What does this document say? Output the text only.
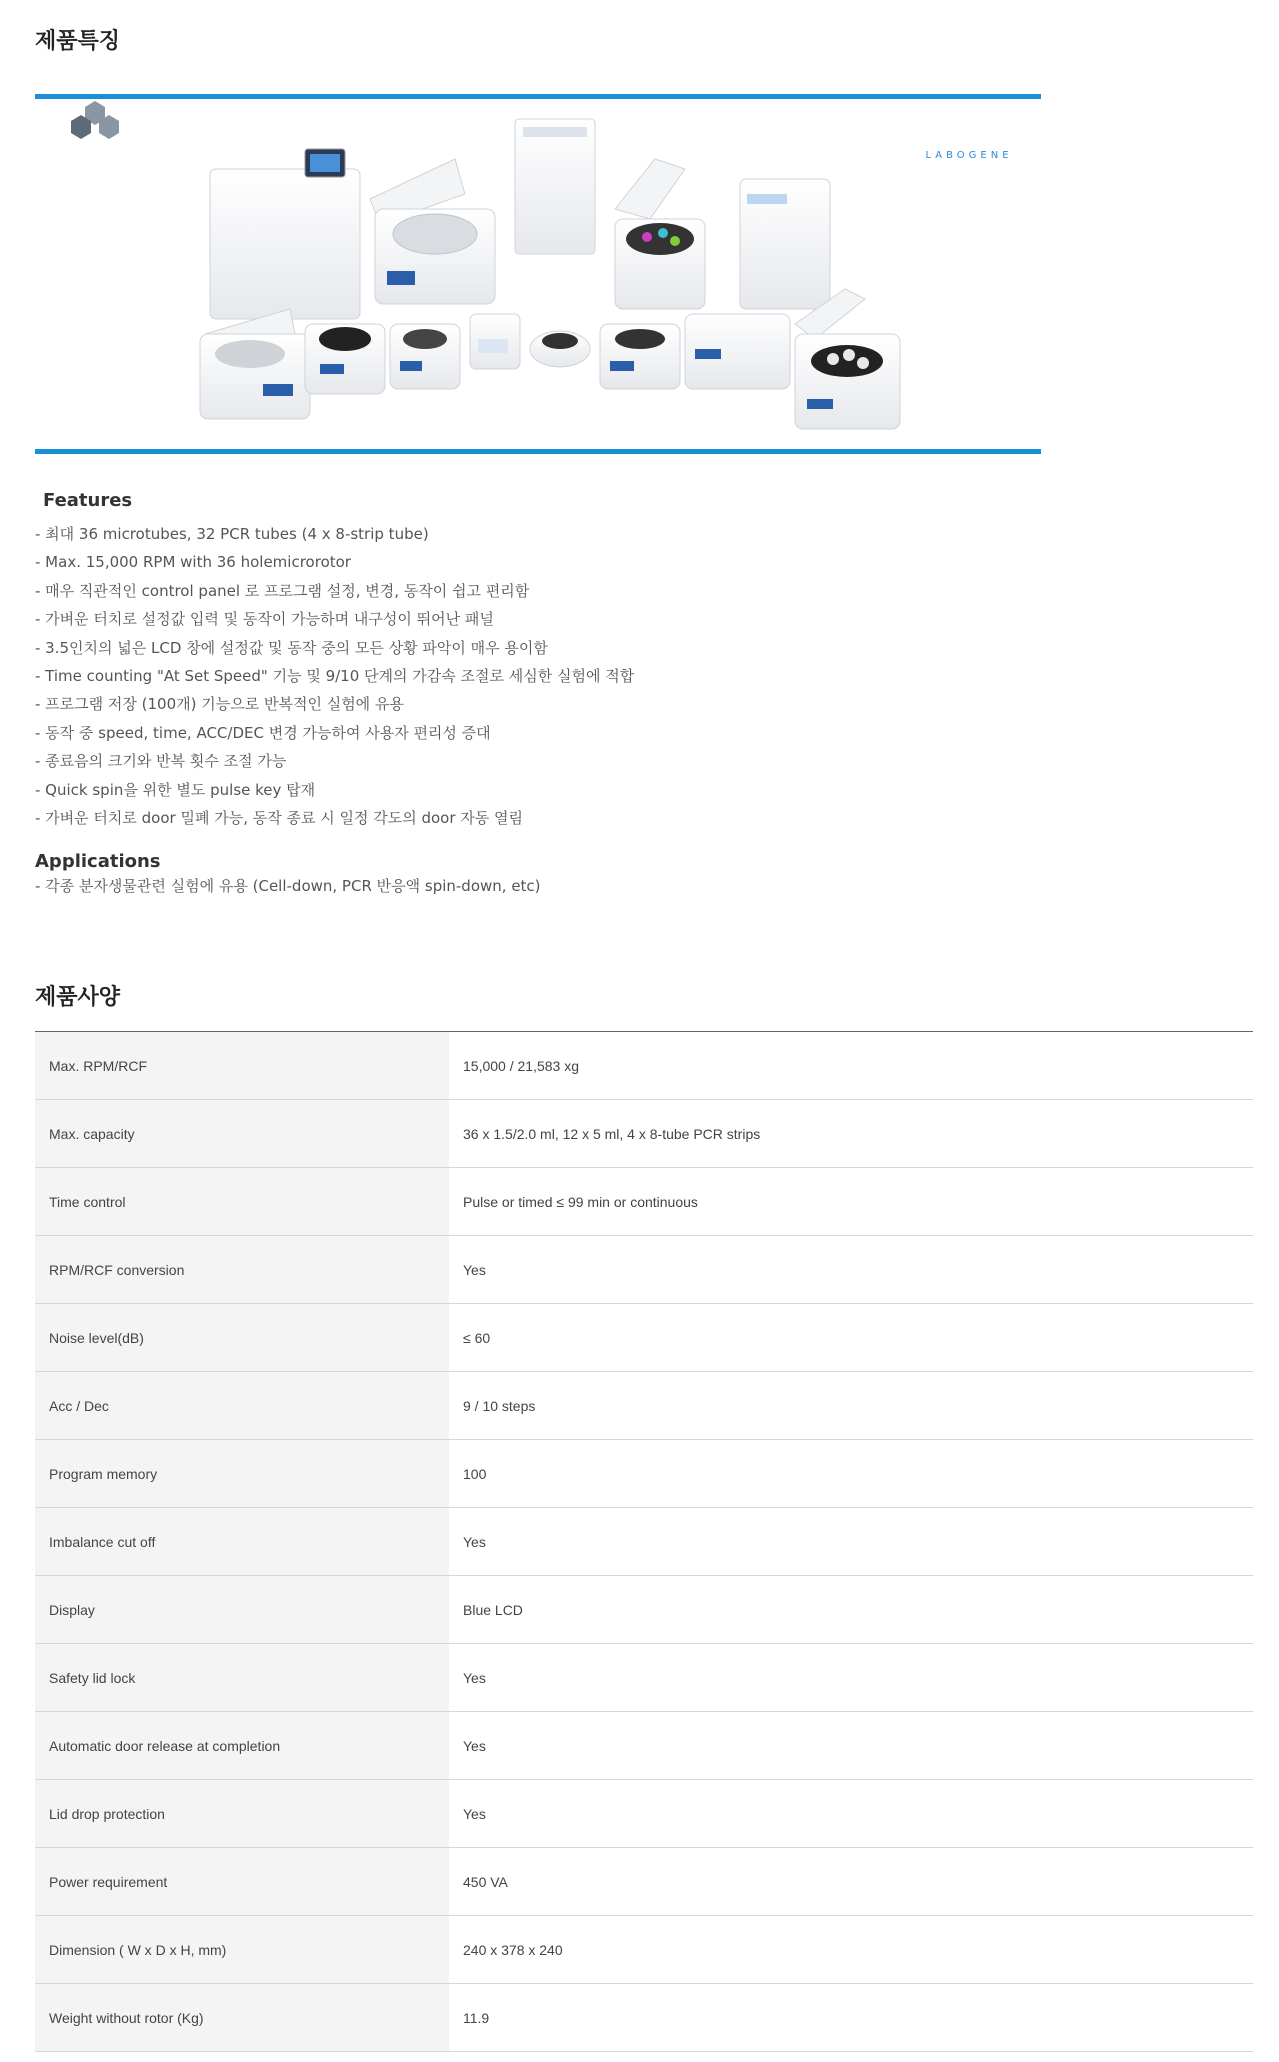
제품특징
LABOGENE
Features
- 최대 36 microtubes, 32 PCR tubes (4 x 8-strip tube)
- Max. 15,000 RPM with 36 holemicrorotor
- 매우 직관적인 control panel 로 프로그램 설정, 변경, 동작이 쉽고 편리함
- 가벼운 터치로 설정값 입력 및 동작이 가능하며 내구성이 뛰어난 패널
- 3.5인치의 넓은 LCD 창에 설정값 및 동작 중의 모든 상황 파악이 매우 용이함
- Time counting "At Set Speed" 기능 및 9/10 단계의 가감속 조절로 세심한 실험에 적합
- 프로그램 저장 (100개) 기능으로 반복적인 실험에 유용
- 동작 중 speed, time, ACC/DEC 변경 가능하여 사용자 편리성 증대
- 종료음의 크기와 반복 횟수 조절 가능
- Quick spin을 위한 별도 pulse key 탑재
- 가벼운 터치로 door 밀폐 가능, 동작 종료 시 일정 각도의 door 자동 열림
Applications
- 각종 분자생물관련 실험에 유용 (Cell-down, PCR 반응액 spin-down, etc)
제품사양
Max. RPM/RCF	15,000 / 21,583 xg
Max. capacity	36 x 1.5/2.0 ml, 12 x 5 ml, 4 x 8-tube PCR strips
Time control	Pulse or timed ≤ 99 min or continuous
RPM/RCF conversion	Yes
Noise level(dB)	≤ 60
Acc / Dec	9 / 10 steps
Program memory	100
Imbalance cut off	Yes
Display	Blue LCD
Safety lid lock	Yes
Automatic door release at completion	Yes
Lid drop protection	Yes
Power requirement	450 VA
Dimension ( W x D x H, mm)	240 x 378 x 240
Weight without rotor (Kg)	11.9
